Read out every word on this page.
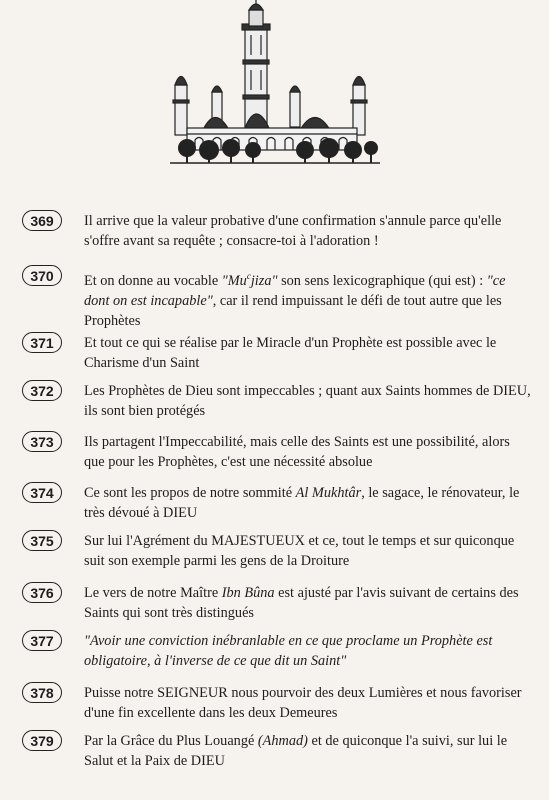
369	Il arrive que la valeur probative d'une confirmation s'annule parce qu'elle s'offre avant sa requête ; consacre-toi à l'adoration !
370	Et on donne au vocable "Mu$^c$jiza" son sens lexicographique (qui est) : "ce dont on est incapable", car il rend impuissant le défi de tout autre que les Prophètes
371	Et tout ce qui se réalise par le Miracle d'un Prophète est possible avec le Charisme d'un Saint
372	Les Prophètes de Dieu sont impeccables ; quant aux Saints hommes de DIEU, ils sont bien protégés
373	Ils partagent l'Impeccabilité, mais celle des Saints est une possibilité, alors que pour les Prophètes, c'est une nécessité absolue
374	Ce sont les propos de notre sommité Al Mukhtâr, le sagace, le rénovateur, le très dévoué à DIEU
375	Sur lui l'Agrément du MAJESTUEUX et ce, tout le temps et sur quiconque suit son exemple parmi les gens de la Droiture
376	Le vers de notre Maître Ibn Bûna est ajusté par l'avis suivant de certains des Saints qui sont très distingués
377	"Avoir une conviction inébranlable en ce que proclame un Prophète est obligatoire, à l'inverse de ce que dit un Saint"
378	Puisse notre SEIGNEUR nous pourvoir des deux Lumières et nous favoriser d'une fin excellente dans les deux Demeures
379	Par la Grâce du Plus Louangé (Ahmad) et de quiconque l'a suivi, sur lui le Salut et la Paix de DIEU
